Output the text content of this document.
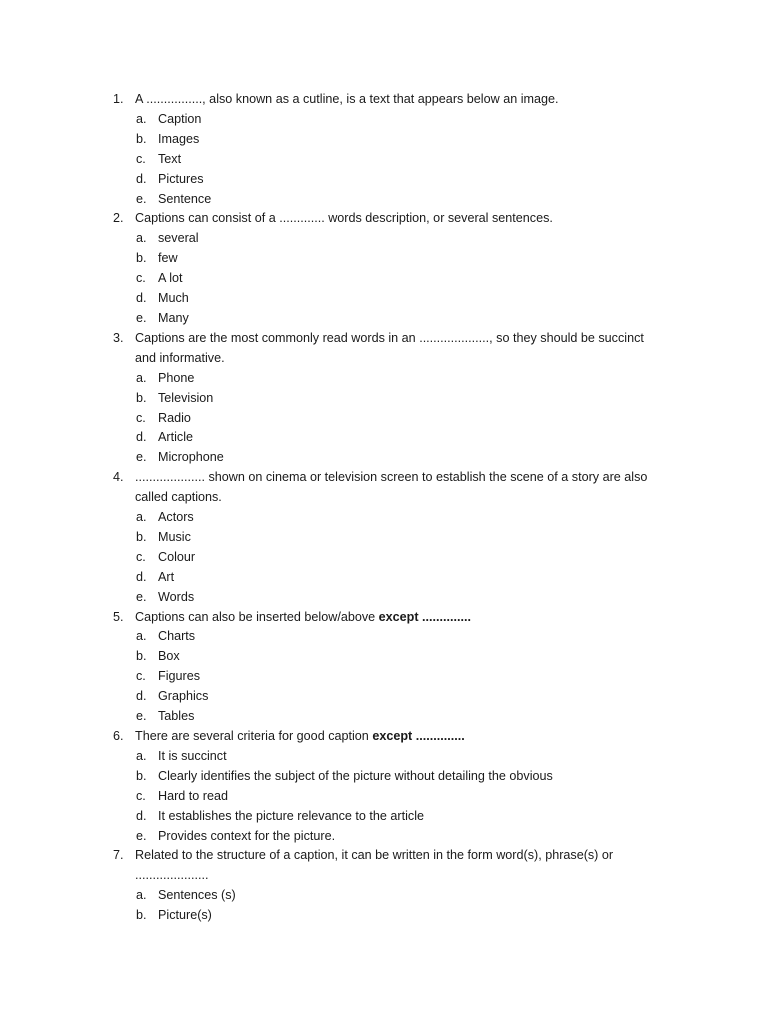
1. A ................, also known as a cutline, is a text that appears below an image.
a. Caption
b. Images
c. Text
d. Pictures
e. Sentence
2. Captions can consist of a ............. words description, or several sentences.
a. several
b. few
c. A lot
d. Much
e. Many
3. Captions are the most commonly read words in an ...................., so they should be succinct and informative.
a. Phone
b. Television
c. Radio
d. Article
e. Microphone
4. .................... shown on cinema or television screen to establish the scene of a story are also called captions.
a. Actors
b. Music
c. Colour
d. Art
e. Words
5. Captions can also be inserted below/above except ..............
a. Charts
b. Box
c. Figures
d. Graphics
e. Tables
6. There are several criteria for good caption except ..............
a. It is succinct
b. Clearly identifies the subject of the picture without detailing the obvious
c. Hard to read
d. It establishes the picture relevance to the article
e. Provides context for the picture.
7. Related to the structure of a caption, it can be written in the form word(s), phrase(s) or .....................
a. Sentences (s)
b. Picture(s)
